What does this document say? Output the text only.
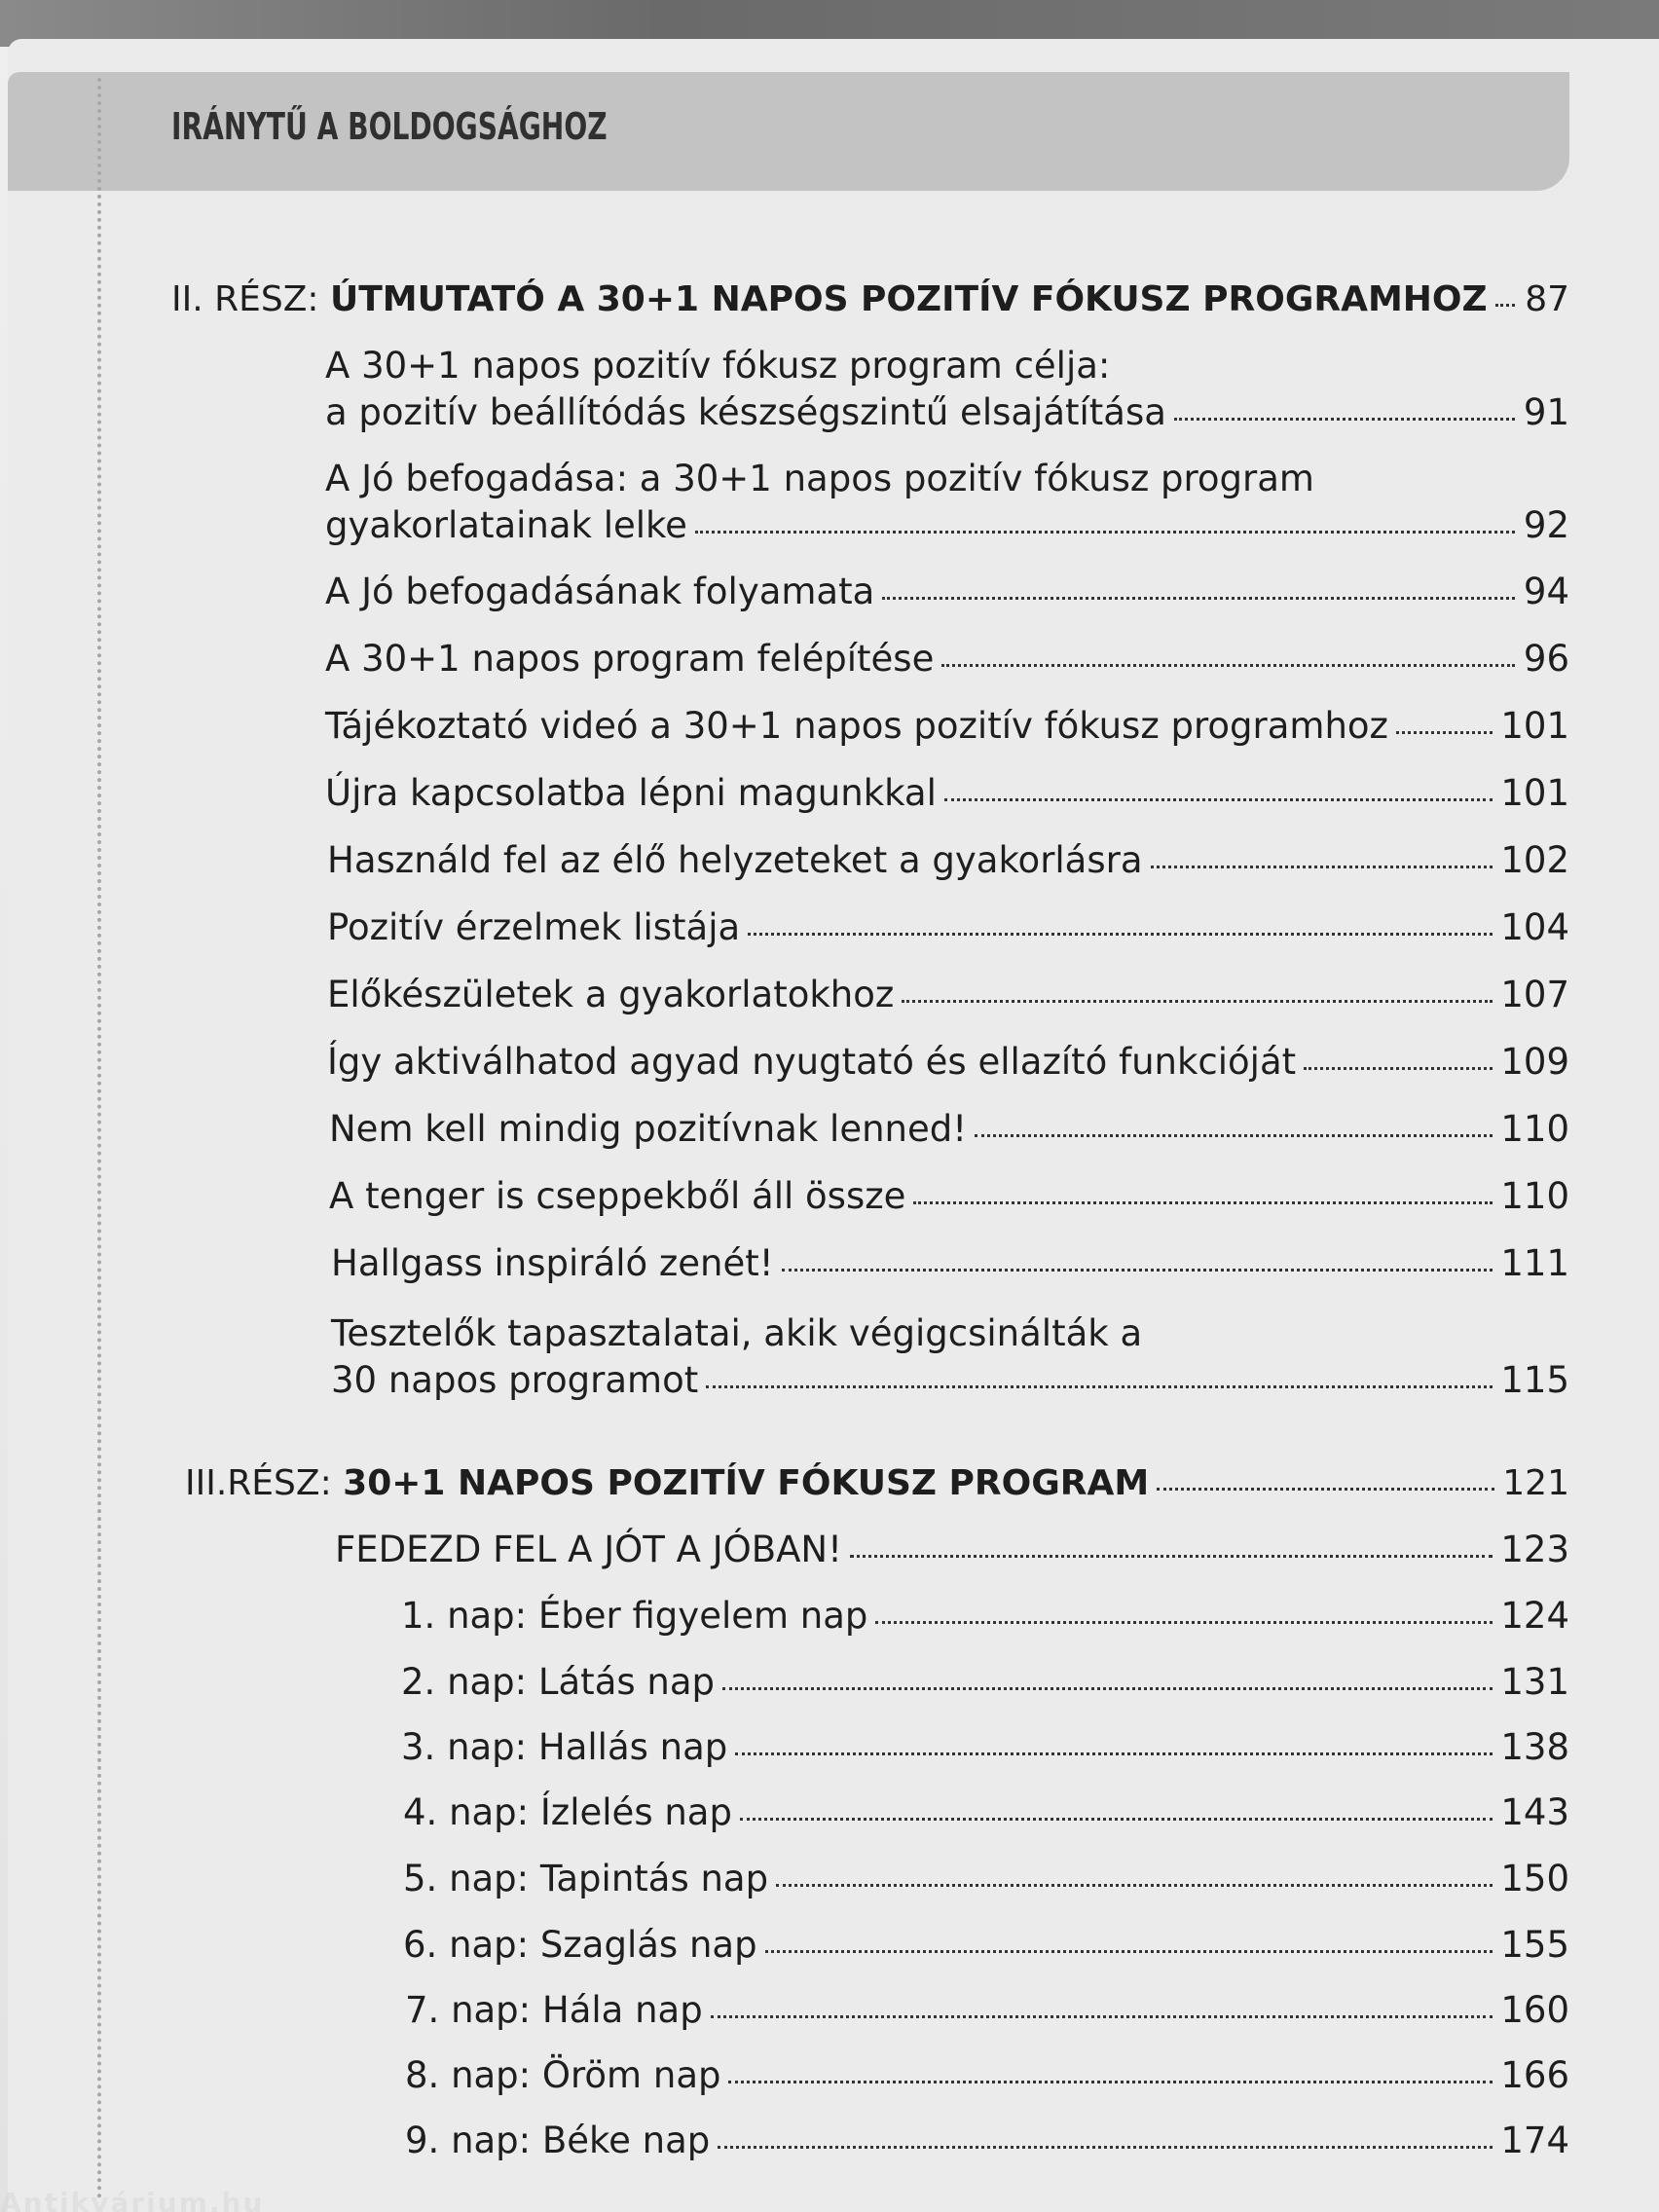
IRÁNYTŰ A BOLDOGSÁGHOZ
II. RÉSZ: ÚTMUTATÓ A 30+1 NAPOS POZITÍV FÓKUSZ PROGRAMHOZ 87
A 30+1 napos pozitív fókusz program célja:
a pozitív beállítódás készségszintű elsajátítása	91
A Jó befogadása: a 30+1 napos pozitív fókusz program
gyakorlatainak lelke	92
A Jó befogadásának folyamata	94
A 30+1 napos program felépítése	96
Tájékoztató videó a 30+1 napos pozitív fókusz programhoz	101
Újra kapcsolatba lépni magunkkal	101
Használd fel az élő helyzeteket a gyakorlásra	102
Pozitív érzelmek listája	104
Előkészületek a gyakorlatokhoz	107
Így aktiválhatod agyad nyugtató és ellazító funkcióját	109
Nem kell mindig pozitívnak lenned!	110
A tenger is cseppekből áll össze	110
Hallgass inspiráló zenét!	111
Tesztelők tapasztalatai, akik végigcsinálták a
30 napos programot	115
III.RÉSZ: 30+1 NAPOS POZITÍV FÓKUSZ PROGRAM	121
FEDEZD FEL A JÓT A JÓBAN!	123
1. nap: Éber figyelem nap	124
2. nap: Látás nap	131
3. nap: Hallás nap	138
4. nap: Ízlelés nap	143
5. nap: Tapintás nap	150
6. nap: Szaglás nap	155
7. nap: Hála nap	160
8. nap: Öröm nap	166
9. nap: Béke nap	174
Antikvárium.hu
